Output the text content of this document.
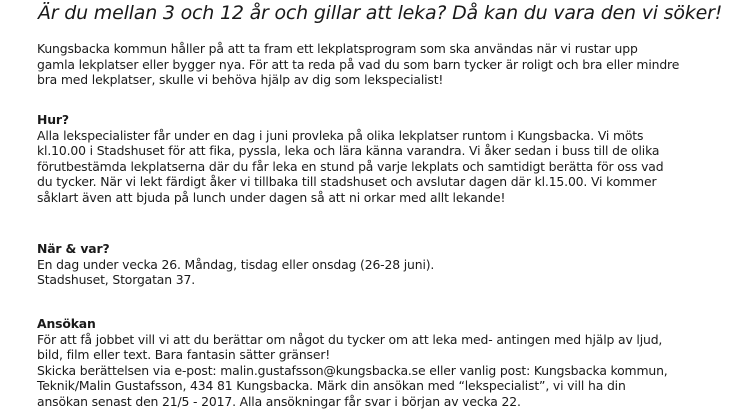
Är du mellan 3 och 12 år och gillar att leka? Då kan du vara den vi söker!
Kungsbacka kommun håller på att ta fram ett lekplatsprogram som ska användas när vi rustar upp
gamla lekplatser eller bygger nya. För att ta reda på vad du som barn tycker är roligt och bra eller mindre
bra med lekplatser, skulle vi behöva hjälp av dig som lekspecialist!
Hur?
Alla lekspecialister får under en dag i juni provleka på olika lekplatser runtom i Kungsbacka. Vi möts
kl.10.00 i Stadshuset för att fika, pyssla, leka och lära känna varandra. Vi åker sedan i buss till de olika
förutbestämda lekplatserna där du får leka en stund på varje lekplats och samtidigt berätta för oss vad
du tycker. När vi lekt färdigt åker vi tillbaka till stadshuset och avslutar dagen där kl.15.00. Vi kommer
såklart även att bjuda på lunch under dagen så att ni orkar med allt lekande!
När & var?
En dag under vecka 26. Måndag, tisdag eller onsdag (26-28 juni).
Stadshuset, Storgatan 37.
Ansökan
För att få jobbet vill vi att du berättar om något du tycker om att leka med- antingen med hjälp av ljud,
bild, film eller text. Bara fantasin sätter gränser!
Skicka berättelsen via e-post: malin.gustafsson@kungsbacka.se eller vanlig post: Kungsbacka kommun,
Teknik/Malin Gustafsson, 434 81 Kungsbacka. Märk din ansökan med “lekspecialist”, vi vill ha din
ansökan senast den 21/5 - 2017. Alla ansökningar får svar i början av vecka 22.
